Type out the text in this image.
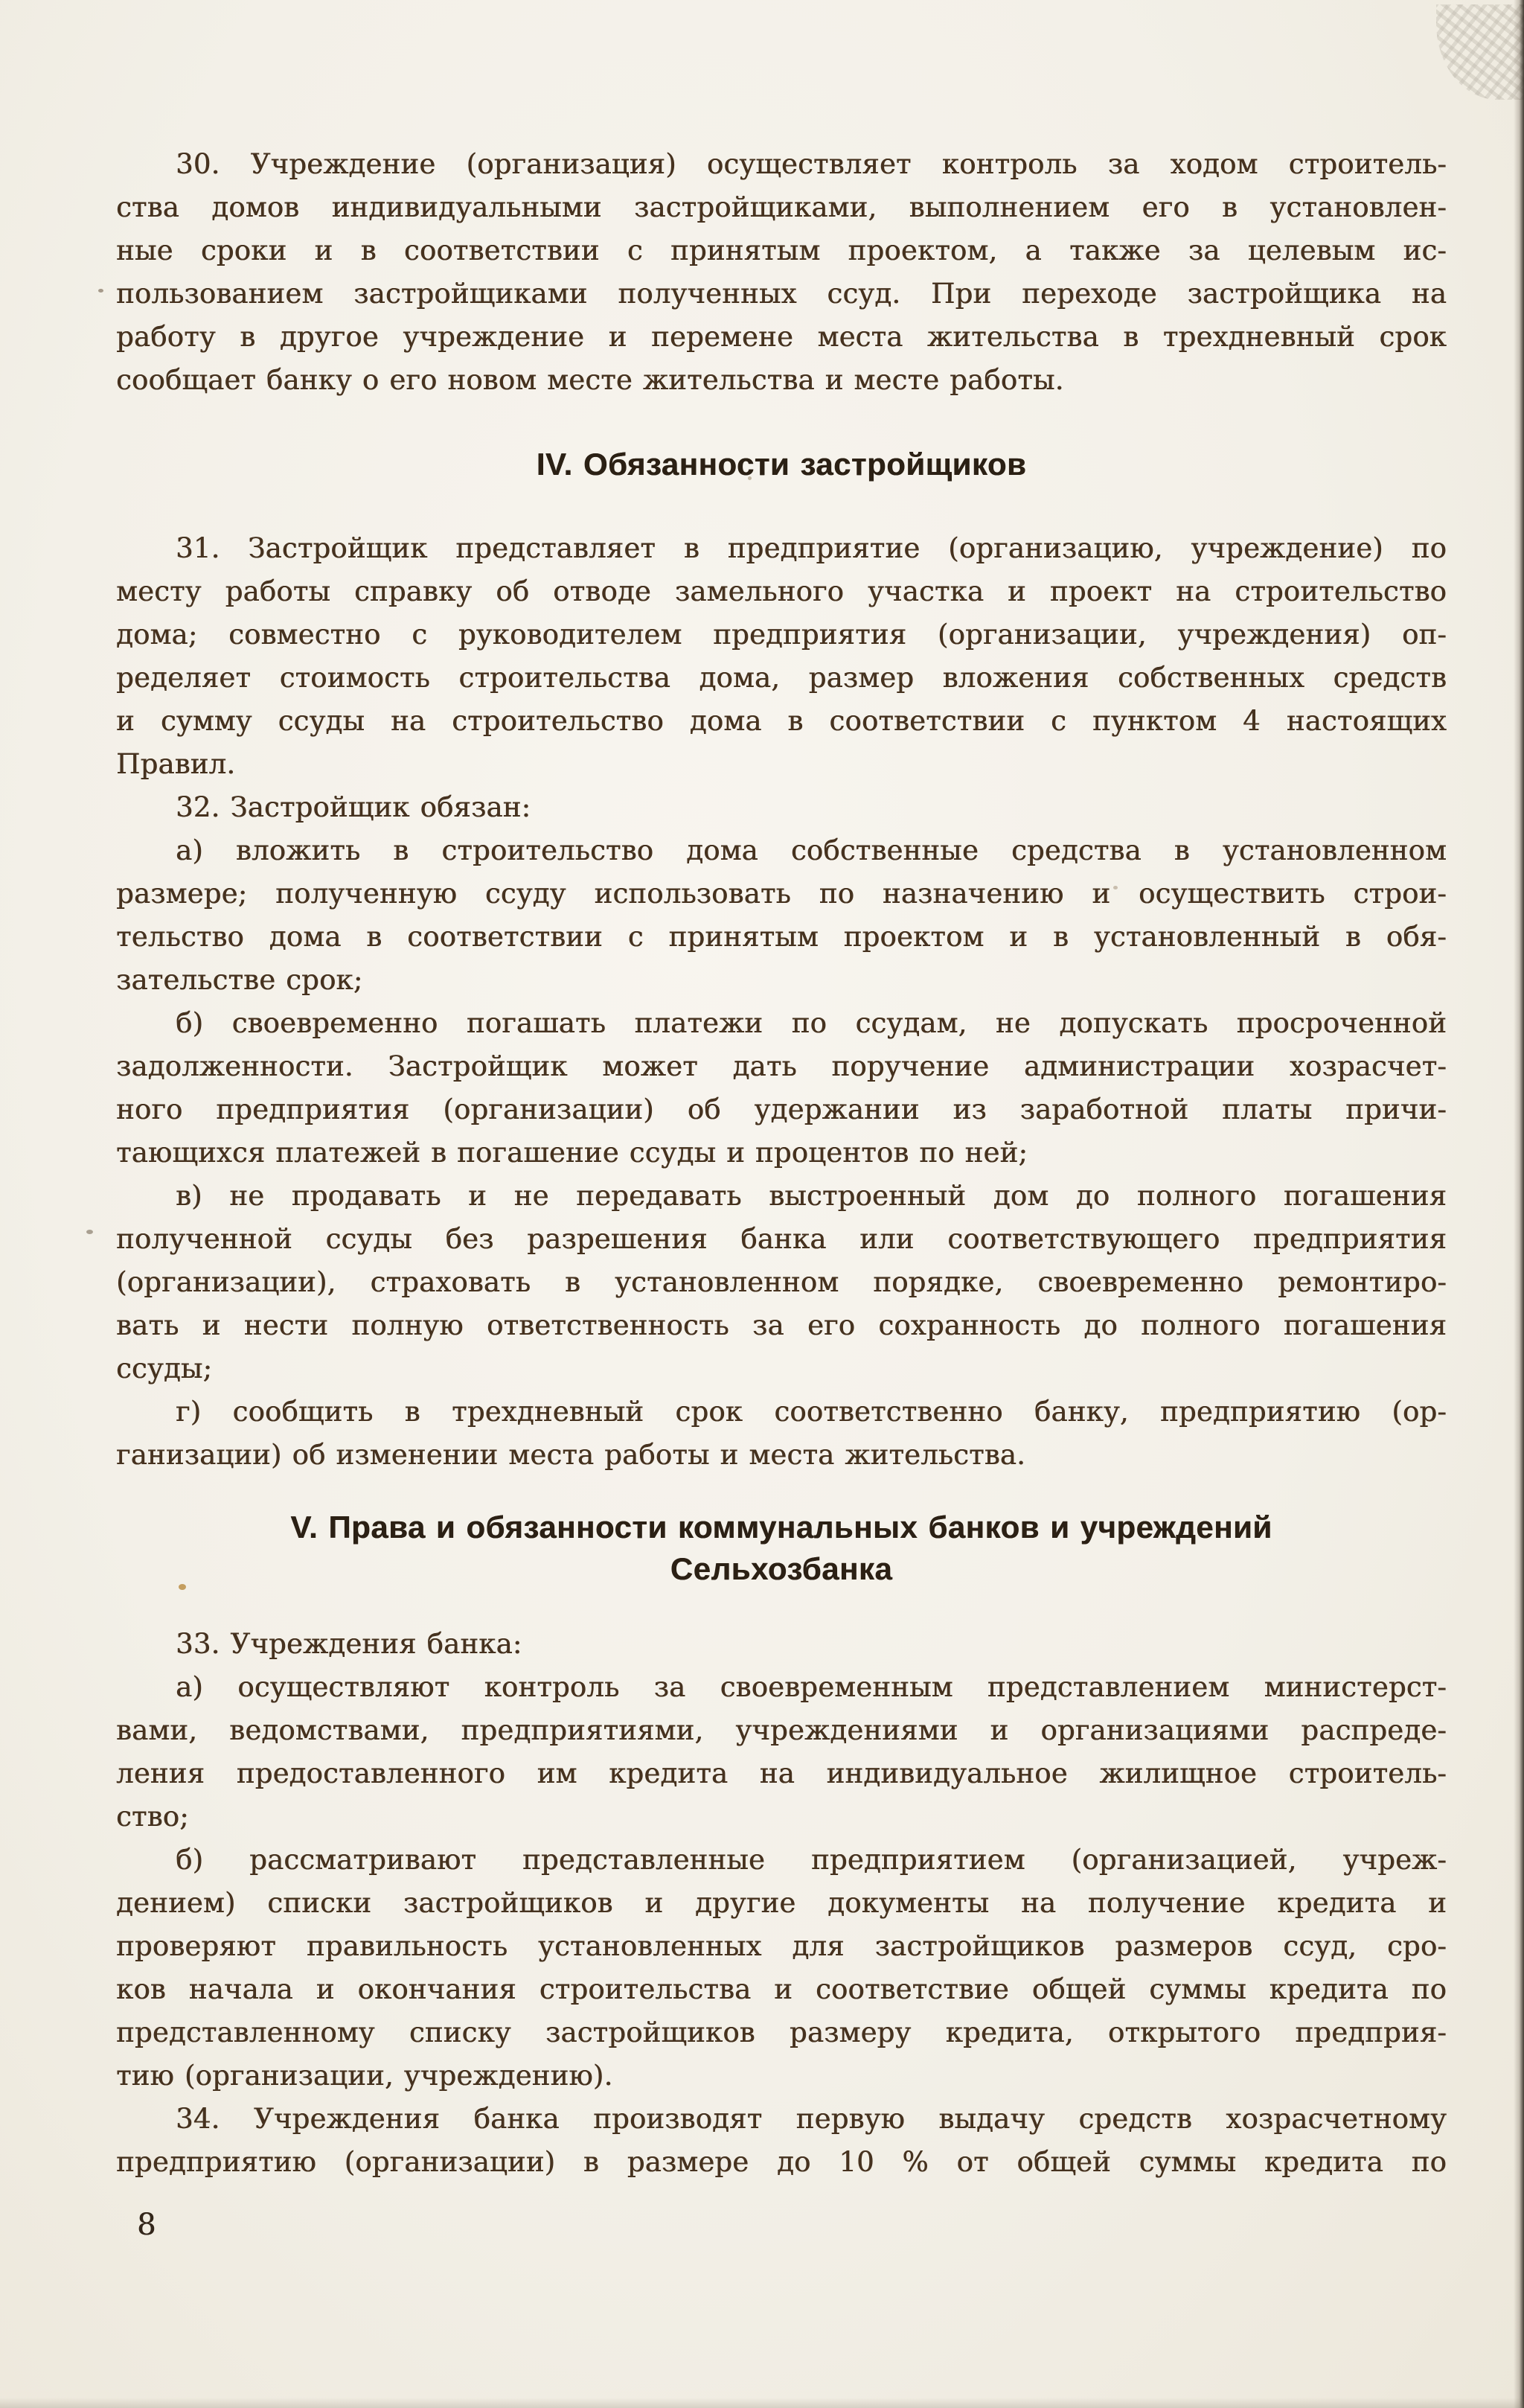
30. Учреждение (организация) осуществляет контроль за ходом строитель-
ства домов индивидуальными застройщиками, выполнением его в установлен-
ные сроки и в соответствии с принятым проектом, а также за целевым ис-
пользованием застройщиками полученных ссуд. При переходе застройщика на
работу в другое учреждение и перемене места жительства в трехдневный срок
сообщает банку о его новом месте жительства и месте работы.
IV. Обязанности застройщиков
31. Застройщик представляет в предприятие (организацию, учреждение) по
месту работы справку об отводе замельного участка и проект на строительство
дома; совместно с руководителем предприятия (организации, учреждения) оп-
ределяет стоимость строительства дома, размер вложения собственных средств
и сумму ссуды на строительство дома в соответствии с пунктом 4 настоящих
Правил.
32. Застройщик обязан:
а) вложить в строительство дома собственные средства в установленном
размере; полученную ссуду использовать по назначению и осуществить строи-
тельство дома в соответствии с принятым проектом и в установленный в обя-
зательстве срок;
б) своевременно погашать платежи по ссудам, не допускать просроченной
задолженности. Застройщик может дать поручение администрации хозрасчет-
ного предприятия (организации) об удержании из заработной платы причи-
тающихся платежей в погашение ссуды и процентов по ней;
в) не продавать и не передавать выстроенный дом до полного погашения
полученной ссуды без разрешения банка или соответствующего предприятия
(организации), страховать в установленном порядке, своевременно ремонтиро-
вать и нести полную ответственность за его сохранность до полного погашения
ссуды;
г) сообщить в трехдневный срок соответственно банку, предприятию (ор-
ганизации) об изменении места работы и места жительства.
V. Права и обязанности коммунальных банков и учреждений
Сельхозбанка
33. Учреждения банка:
а) осуществляют контроль за своевременным представлением министерст-
вами, ведомствами, предприятиями, учреждениями и организациями распреде-
ления предоставленного им кредита на индивидуальное жилищное строитель-
ство;
б) рассматривают представленные предприятием (организацией, учреж-
дением) списки застройщиков и другие документы на получение кредита и
проверяют правильность установленных для застройщиков размеров ссуд, сро-
ков начала и окончания строительства и соответствие общей суммы кредита по
представленному списку застройщиков размеру кредита, открытого предприя-
тию (организации, учреждению).
34. Учреждения банка производят первую выдачу средств хозрасчетному
предприятию (организации) в размере до 10 % от общей суммы кредита по
8
